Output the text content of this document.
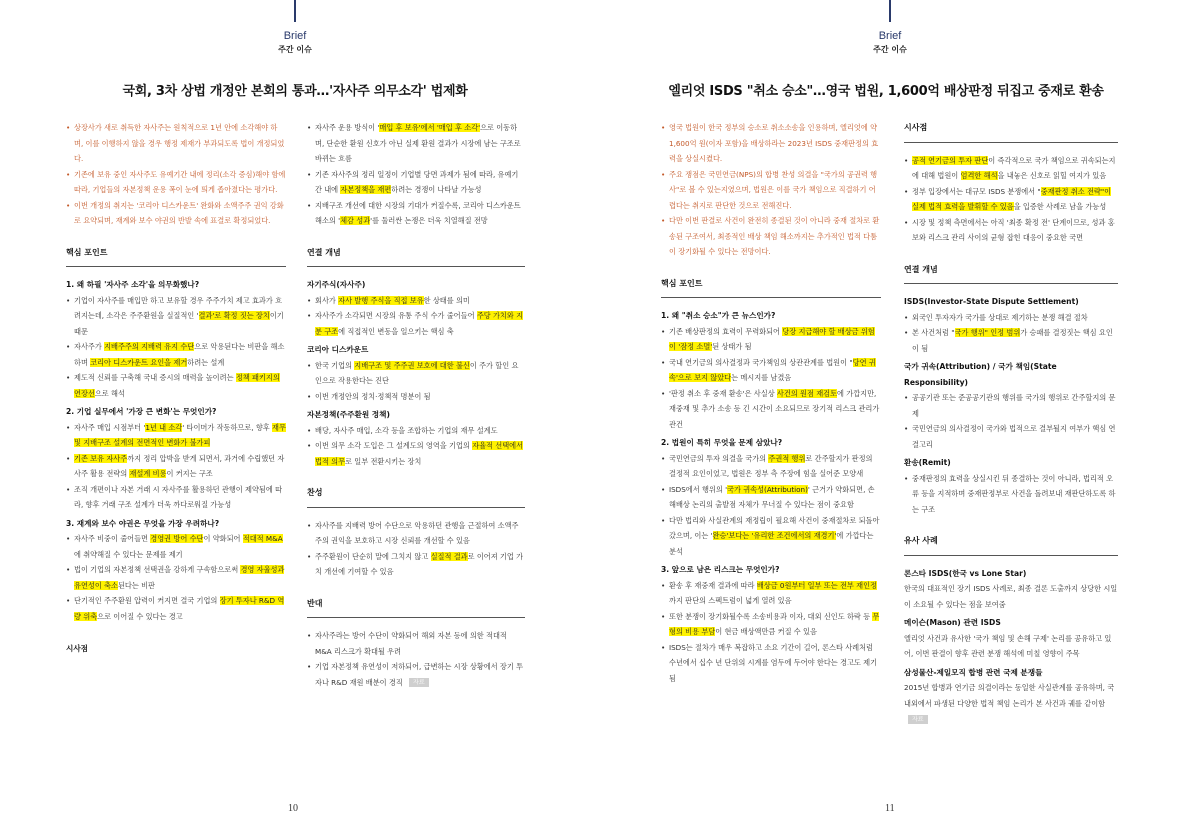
Brief
주간 이슈
국회, 3차 상법 개정안 본회의 통과…'자사주 의무소각' 법제화
• 상장사가 새로 취득한 자사주는 원칙적으로 1년 안에 소각해야 하며, 이를 이행하지 않을 경우 행정 제재가 부과되도록 법이 개정되었다.
• 기존에 보유 중인 자사주도 유예기간 내에 정리(소각 증심)해야 함에 따라, 기업들의 자본정책 운용 폭이 눈에 띄게 좁아졌다는 평가다.
• 이번 개정의 취지는 '코리아 디스카운트' 완화와 소액주주 권익 강화로 요약되며, 재계와 보수 야권의 반발 속에 표결로 확정되었다.
핵심 포인트
1. 왜 하필 '자사주 소각'을 의무화했나?
• 기업이 자사주를 매입만 하고 보유할 경우 주주가치 제고 효과가 흐려지는데, 소각은 주주환원을 실질적인 '결과'로 확정 짓는 장치이기 때문
• 자사주가 지배주주의 지배력 유지 수단으로 악용된다는 비판을 해소하며 코리아 디스카운트 요인을 제거하려는 설계
• 제도적 신뢰를 구축해 국내 증시의 매력을 높이려는 정책 패키지의 연장선으로 해석
2. 기업 실무에서 '가장 큰 변화'는 무엇인가?
• 자사주 매입 시점부터 '1년 내 소각' 타이머가 작동하므로, 향후 재무 및 지배구조 설계의 전면적인 변화가 불가피
• 기존 보유 자사주까지 정리 압박을 받게 되면서, 과거에 수립했던 자사주 활용 전략의 재설계 비용이 커지는 구조
• 조직 개편이나 자본 거래 시 자사주를 활용하던 관행이 제약됨에 따라, 향후 거래 구조 설계가 더욱 까다로워질 가능성
3. 재계와 보수 야권은 무엇을 가장 우려하나?
• 자사주 비중이 줄어들면 경영권 방어 수단이 약화되어 적대적 M&A에 취약해질 수 있다는 문제를 제기
• 법이 기업의 자본정책 선택권을 강하게 구속함으로써 경영 자율성과 유연성이 축소된다는 비판
• 단기적인 주주환원 압력이 커지면 결국 기업의 장기 투자나 R&D 역량 위축으로 이어질 수 있다는 경고
시사점
• 자사주 운용 방식이 '매입 후 보유'에서 '매입 후 소각'으로 이동하며, 단순한 환원 신호가 아닌 실제 환원 결과가 시장에 남는 구조로 바뀌는 흐름
• 기존 자사주의 정리 일정이 기업별 당면 과제가 됨에 따라, 유예기간 내에 자본정책을 재편하려는 경쟁이 나타날 가능성
• 지배구조 개선에 대한 시장의 기대가 커질수록, 코리아 디스카운트 해소의 '체감 성과'를 둘러싼 논쟁은 더욱 치열해질 전망
연결 개념
자기주식(자사주)
• 회사가 자사 발행 주식을 직접 보유한 상태를 의미
• 자사주가 소각되면 시장의 유통 주식 수가 줄어들어 주당 가치와 지분 구조에 직접적인 변동을 일으키는 핵심 축
코리아 디스카운트
• 한국 기업의 지배구조 및 주주권 보호에 대한 불신이 주가 할인 요인으로 작용한다는 진단
• 이번 개정안의 정치·정책적 명분이 됨
자본정책(주주환원 정책)
• 배당, 자사주 매입, 소각 등을 조합하는 기업의 재무 설계도
• 이번 의무 소각 도입은 그 설계도의 영역을 기업의 자율적 선택에서 법적 의무로 일부 전환시키는 장치
찬성
• 자사주를 지배력 방어 수단으로 악용하던 관행을 근절하여 소액주주의 권익을 보호하고 시장 신뢰를 개선할 수 있음
• 주주환원이 단순히 말에 그치지 않고 실질적 결과로 이어져 기업 가치 개선에 기여할 수 있음
반대
• 자사주라는 방어 수단이 약화되어 해외 자본 등에 의한 적대적 M&A 리스크가 확대될 우려
• 기업 자본정책 유연성이 저하되어, 급변하는 시장 상황에서 장기 투자나 R&D 재원 배분이 경직 자료
10
Brief
주간 이슈
엘리엇 ISDS "취소 승소"…영국 법원, 1,600억 배상판정 뒤집고 중재로 환송
• 영국 법원이 한국 정부의 승소로 취소소송을 인용하며, 엘리엇에 약 1,600억 원(이자 포함)을 배상하라는 2023년 ISDS 중재판정의 효력을 상실시켰다.
• 주요 쟁점은 국민연금(NPS)의 합병 찬성 의결을 "국가의 공권력 행사"로 볼 수 있는지였으며, 법원은 이를 국가 책임으로 직결하기 어렵다는 취지로 판단한 것으로 전해진다.
• 다만 이번 판결로 사건이 완전히 종결된 것이 아니라 중재 절차로 환송된 구조여서, 최종적인 배상 책임 해소까지는 추가적인 법적 다툼이 장기화될 수 있다는 전망이다.
핵심 포인트
1. 왜 "취소 승소"가 큰 뉴스인가?
• 기존 배상판정의 효력이 무력화되어 당장 지급해야 할 배상금 위험이 '잠정 소멸'된 상태가 됨
• 국내 연기금의 의사결정과 국가책임의 상관관계를 법원이 "당연 귀속'으로 보지 않았다는 메시지를 남겼음
• '판정 취소 후 중재 환송'은 사실상 사건의 원점 재검토에 가깝지만, 재중재 및 추가 소송 등 긴 시간이 소요되므로 장기적 리스크 관리가 관건
2. 법원이 특히 무엇을 문제 삼았나?
• 국민연금의 투자 의결을 국가의 주권적 행위로 간주할지가 판정의 결정적 요인이었고, 법원은 정부 측 주장에 힘을 실어준 모양새
• ISDS에서 행위의 '국가 귀속성(Attribution)' 근거가 약화되면, 손해배상 논리의 출발점 자체가 무너질 수 있다는 점이 중요함
• 다만 법리와 사실관계의 재정립이 필요해 사건이 중재절차로 되돌아갔으며, 이는 '완승'보다는 '유리한 조건에서의 재경기'에 가깝다는 분석
3. 앞으로 남은 리스크는 무엇인가?
• 환송 후 재중재 결과에 따라 배상금 0원부터 일부 또는 전부 재인정까지 판단의 스펙트럼이 넓게 열려 있음
• 또한 분쟁이 장기화될수록 소송비용과 이자, 대외 신인도 하락 등 무형의 비용 부담이 현금 배상액만큼 커질 수 있음
• ISDS는 절차가 매우 복잡하고 소요 기간이 길어, 론스타 사례처럼 수년에서 십수 년 단위의 시계를 염두에 두어야 한다는 경고도 제기됨
시사점
• 공적 연기금의 투자 판단이 즉각적으로 국가 책임으로 귀속되는지에 대해 법원이 엄격한 해석을 내놓은 신호로 읽힐 여지가 있음
• 정부 입장에서는 대규모 ISDS 분쟁에서 "중재판정 취소 전략"이 실제 법적 효력을 발휘할 수 있음을 입증한 사례로 남을 가능성
• 시장 및 정책 측면에서는 아직 '최종 확정 전' 단계이므로, 성과 홍보와 리스크 관리 사이의 균형 잡힌 대응이 중요한 국면
연결 개념
ISDS(Investor-State Dispute Settlement)
• 외국인 투자자가 국가를 상대로 제기하는 분쟁 해결 절차
• 본 사건처럼 "국가 행위" 인정 범위가 승패를 결정짓는 핵심 요인이 됨
국가 귀속(Attribution) / 국가 책임(State Responsibility)
• 공공기관 또는 준공공기관의 행위를 국가의 행위로 간주할지의 문제
• 국민연금의 의사결정이 국가와 법적으로 결부될지 여부가 핵심 연결고리
환송(Remit)
• 중재판정의 효력을 상실시킨 뒤 종결하는 것이 아니라, 법리적 오류 등을 지적하며 중재판정부로 사건을 돌려보내 재판단하도록 하는 구조
유사 사례
론스타 ISDS(한국 vs Lone Star)
한국의 대표적인 장기 ISDS 사례로, 최종 결론 도출까지 상당한 시일이 소요될 수 있다는 점을 보여줌
메이슨(Mason) 관련 ISDS
엘리엇 사건과 유사한 '국가 책임 및 손해 구제' 논리를 공유하고 있어, 이번 판결이 향후 관련 분쟁 해석에 미칠 영향이 주목
삼성물산-제일모직 합병 관련 국제 분쟁들
2015년 합병과 연기금 의결이라는 동일한 사실관계를 공유하며, 국내외에서 파생된 다양한 법적 책임 논리가 본 사건과 궤를 같이함 자료
11
